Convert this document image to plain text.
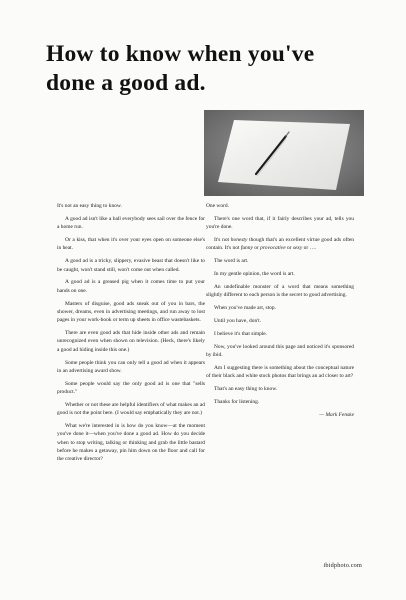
How to know when you've
done a good ad.

It's not an easy thing to know.

A good ad isn't like a ball everybody sees sail over the fence for a home run.

Or a kiss, that when it's over your eyes open on someone else's in heat.

A good ad is a tricky, slippery, evasive beast that doesn't like to be caught, won't stand still, won't come out when called.

A good ad is a greased pig when it comes time to put your hands on one.

Masters of disguise, good ads sneak out of you in bars, the shower, dreams, even in advertising meetings, and run away to lost pages in your work-book or term up sheets in office wastebaskets.

There are even good ads that hide inside other ads and remain unrecognized even when shown on television. (Heck, there's likely a good ad hiding inside this one.)

Some people think you can only tell a good ad when it appears in an advertising award show.

Some people would say the only good ad is one that "sells product."

Whether or not these are helpful identifiers of what makes an ad good is not the point here. (I would say emphatically they are not.)

What we're interested in is how do you know—at the moment you've done it—when you've done a good ad. How do you decide when to stop writing, talking or thinking and grab the little bastard before he makes a getaway, pin him down on the floor and call for the creative director?

One word.

There's one word that, if it fairly describes your ad, tells you you're done.

It's not honesty though that's an excellent virtue good ads often contain. It's not funny or provocative or sexy or ….

The word is art.

In my gentle opinion, the word is art.

An undefinable monster of a word that means something slightly different to each person is the secret to good advertising.

When you've made art, stop.

Until you have, don't.

I believe it's that simple.

Now, you've looked around this page and noticed it's sponsored by ibid.

Am I suggesting there is something about the conceptual nature of their black and white stock photos that brings an ad closer to art?

That's an easy thing to know.

Thanks for listening.

— Mark Fenske

ibidphoto.com
